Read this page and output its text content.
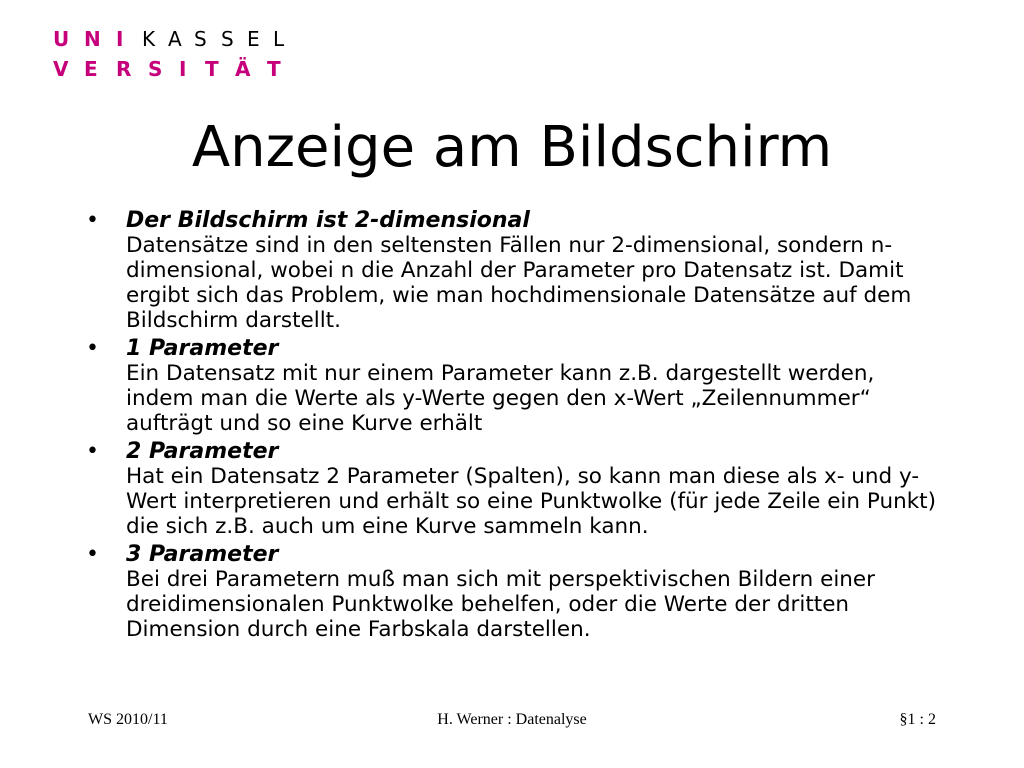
U N I K A S S E L
V E R S I T Ä T
Anzeige am Bildschirm
• Der Bildschirm ist 2-dimensional
Datensätze sind in den seltensten Fällen nur 2-dimensional, sondern n-dimensional, wobei n die Anzahl der Parameter pro Datensatz ist. Damit ergibt sich das Problem, wie man hochdimensionale Datensätze auf dem Bildschirm darstellt.
• 1 Parameter
Ein Datensatz mit nur einem Parameter kann z.B. dargestellt werden, indem man die Werte als y-Werte gegen den x-Wert „Zeilennummer“ aufträgt und so eine Kurve erhält
• 2 Parameter
Hat ein Datensatz 2 Parameter (Spalten), so kann man diese als x- und y-Wert interpretieren und erhält so eine Punktwolke (für jede Zeile ein Punkt) die sich z.B. auch um eine Kurve sammeln kann.
• 3 Parameter
Bei drei Parametern muß man sich mit perspektivischen Bildern einer dreidimensionalen Punktwolke behelfen, oder die Werte der dritten Dimension durch eine Farbskala darstellen.
WS 2010/11	H. Werner : Datenalyse	§1 : 2
